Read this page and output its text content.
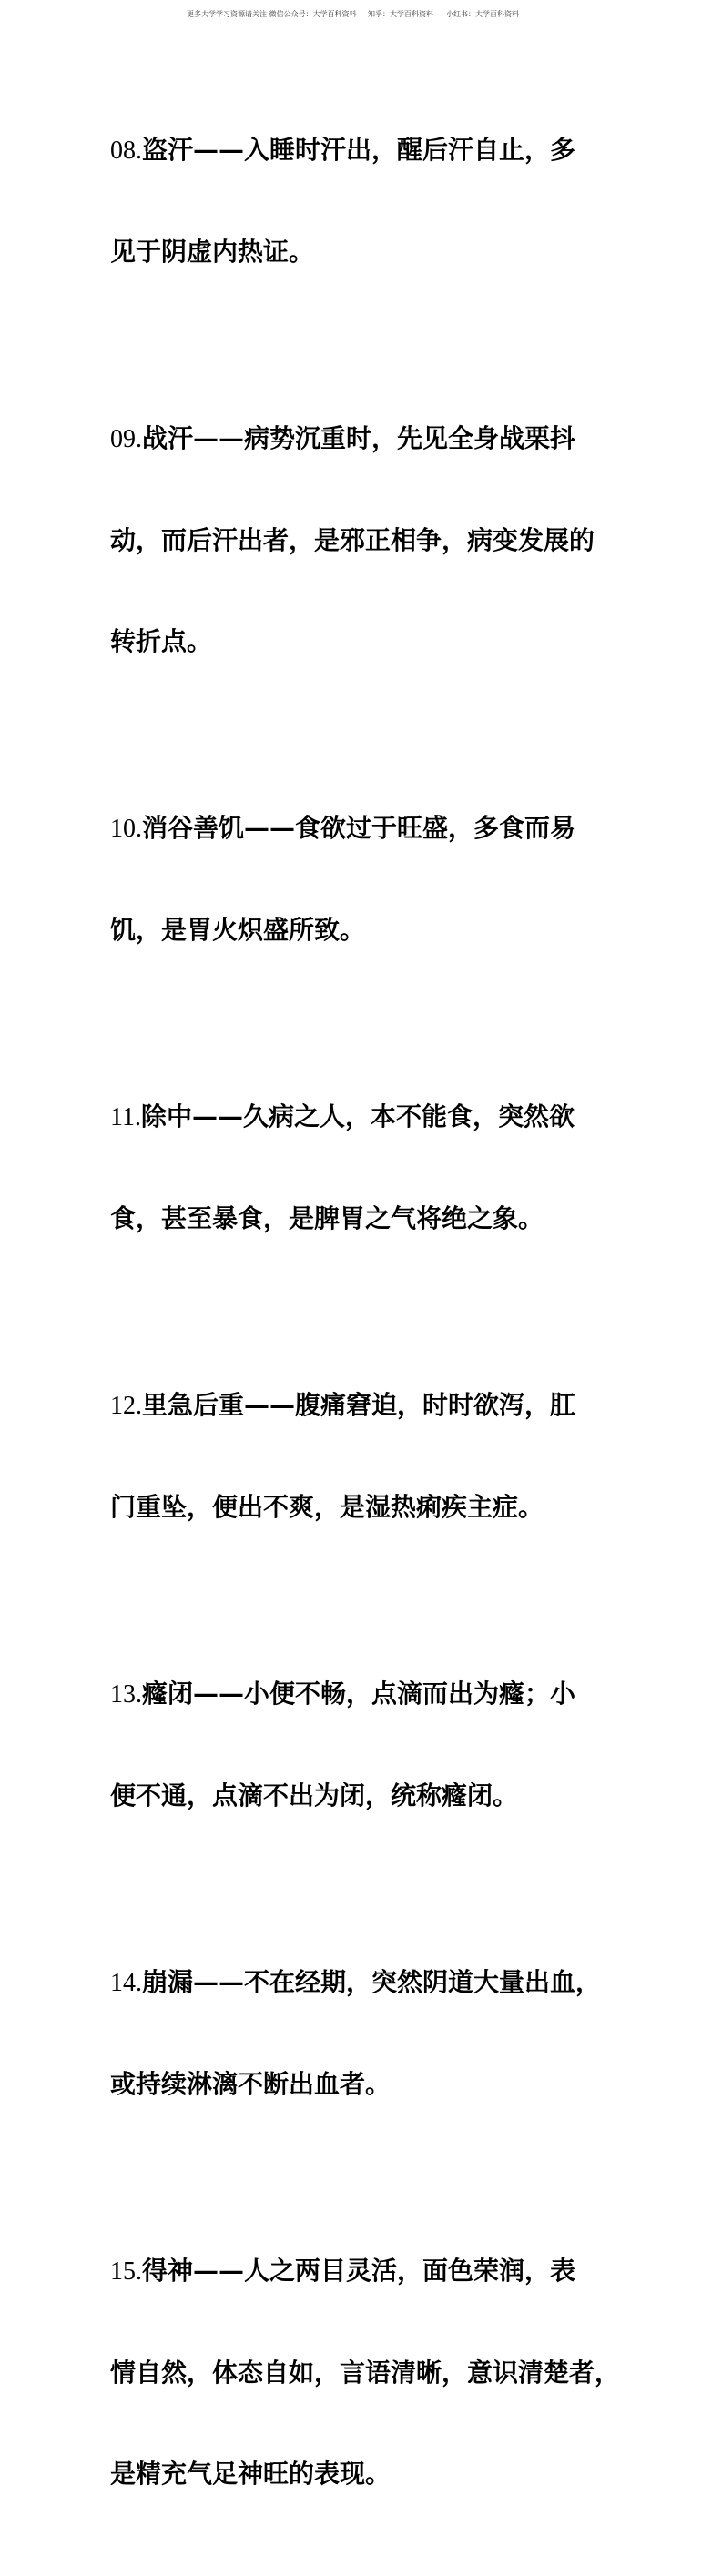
更多大学学习资源请关注 微信公众号：大学百科资料 知乎：大学百科资料 小红书：大学百科资料

08.盗汗——入睡时汗出，醒后汗自止，多

见于阴虚内热证。

09.战汗——病势沉重时，先见全身战栗抖

动，而后汗出者，是邪正相争，病变发展的

转折点。

10.消谷善饥——食欲过于旺盛，多食而易

饥，是胃火炽盛所致。

11.除中——久病之人，本不能食，突然欲

食，甚至暴食，是脾胃之气将绝之象。

12.里急后重——腹痛窘迫，时时欲泻，肛

门重坠，便出不爽，是湿热痢疾主症。

13.癃闭——小便不畅，点滴而出为癃；小

便不通，点滴不出为闭，统称癃闭。

14.崩漏——不在经期，突然阴道大量出血，

或持续淋漓不断出血者。

15.得神——人之两目灵活，面色荣润，表

情自然，体态自如，言语清晰，意识清楚者，

是精充气足神旺的表现。
